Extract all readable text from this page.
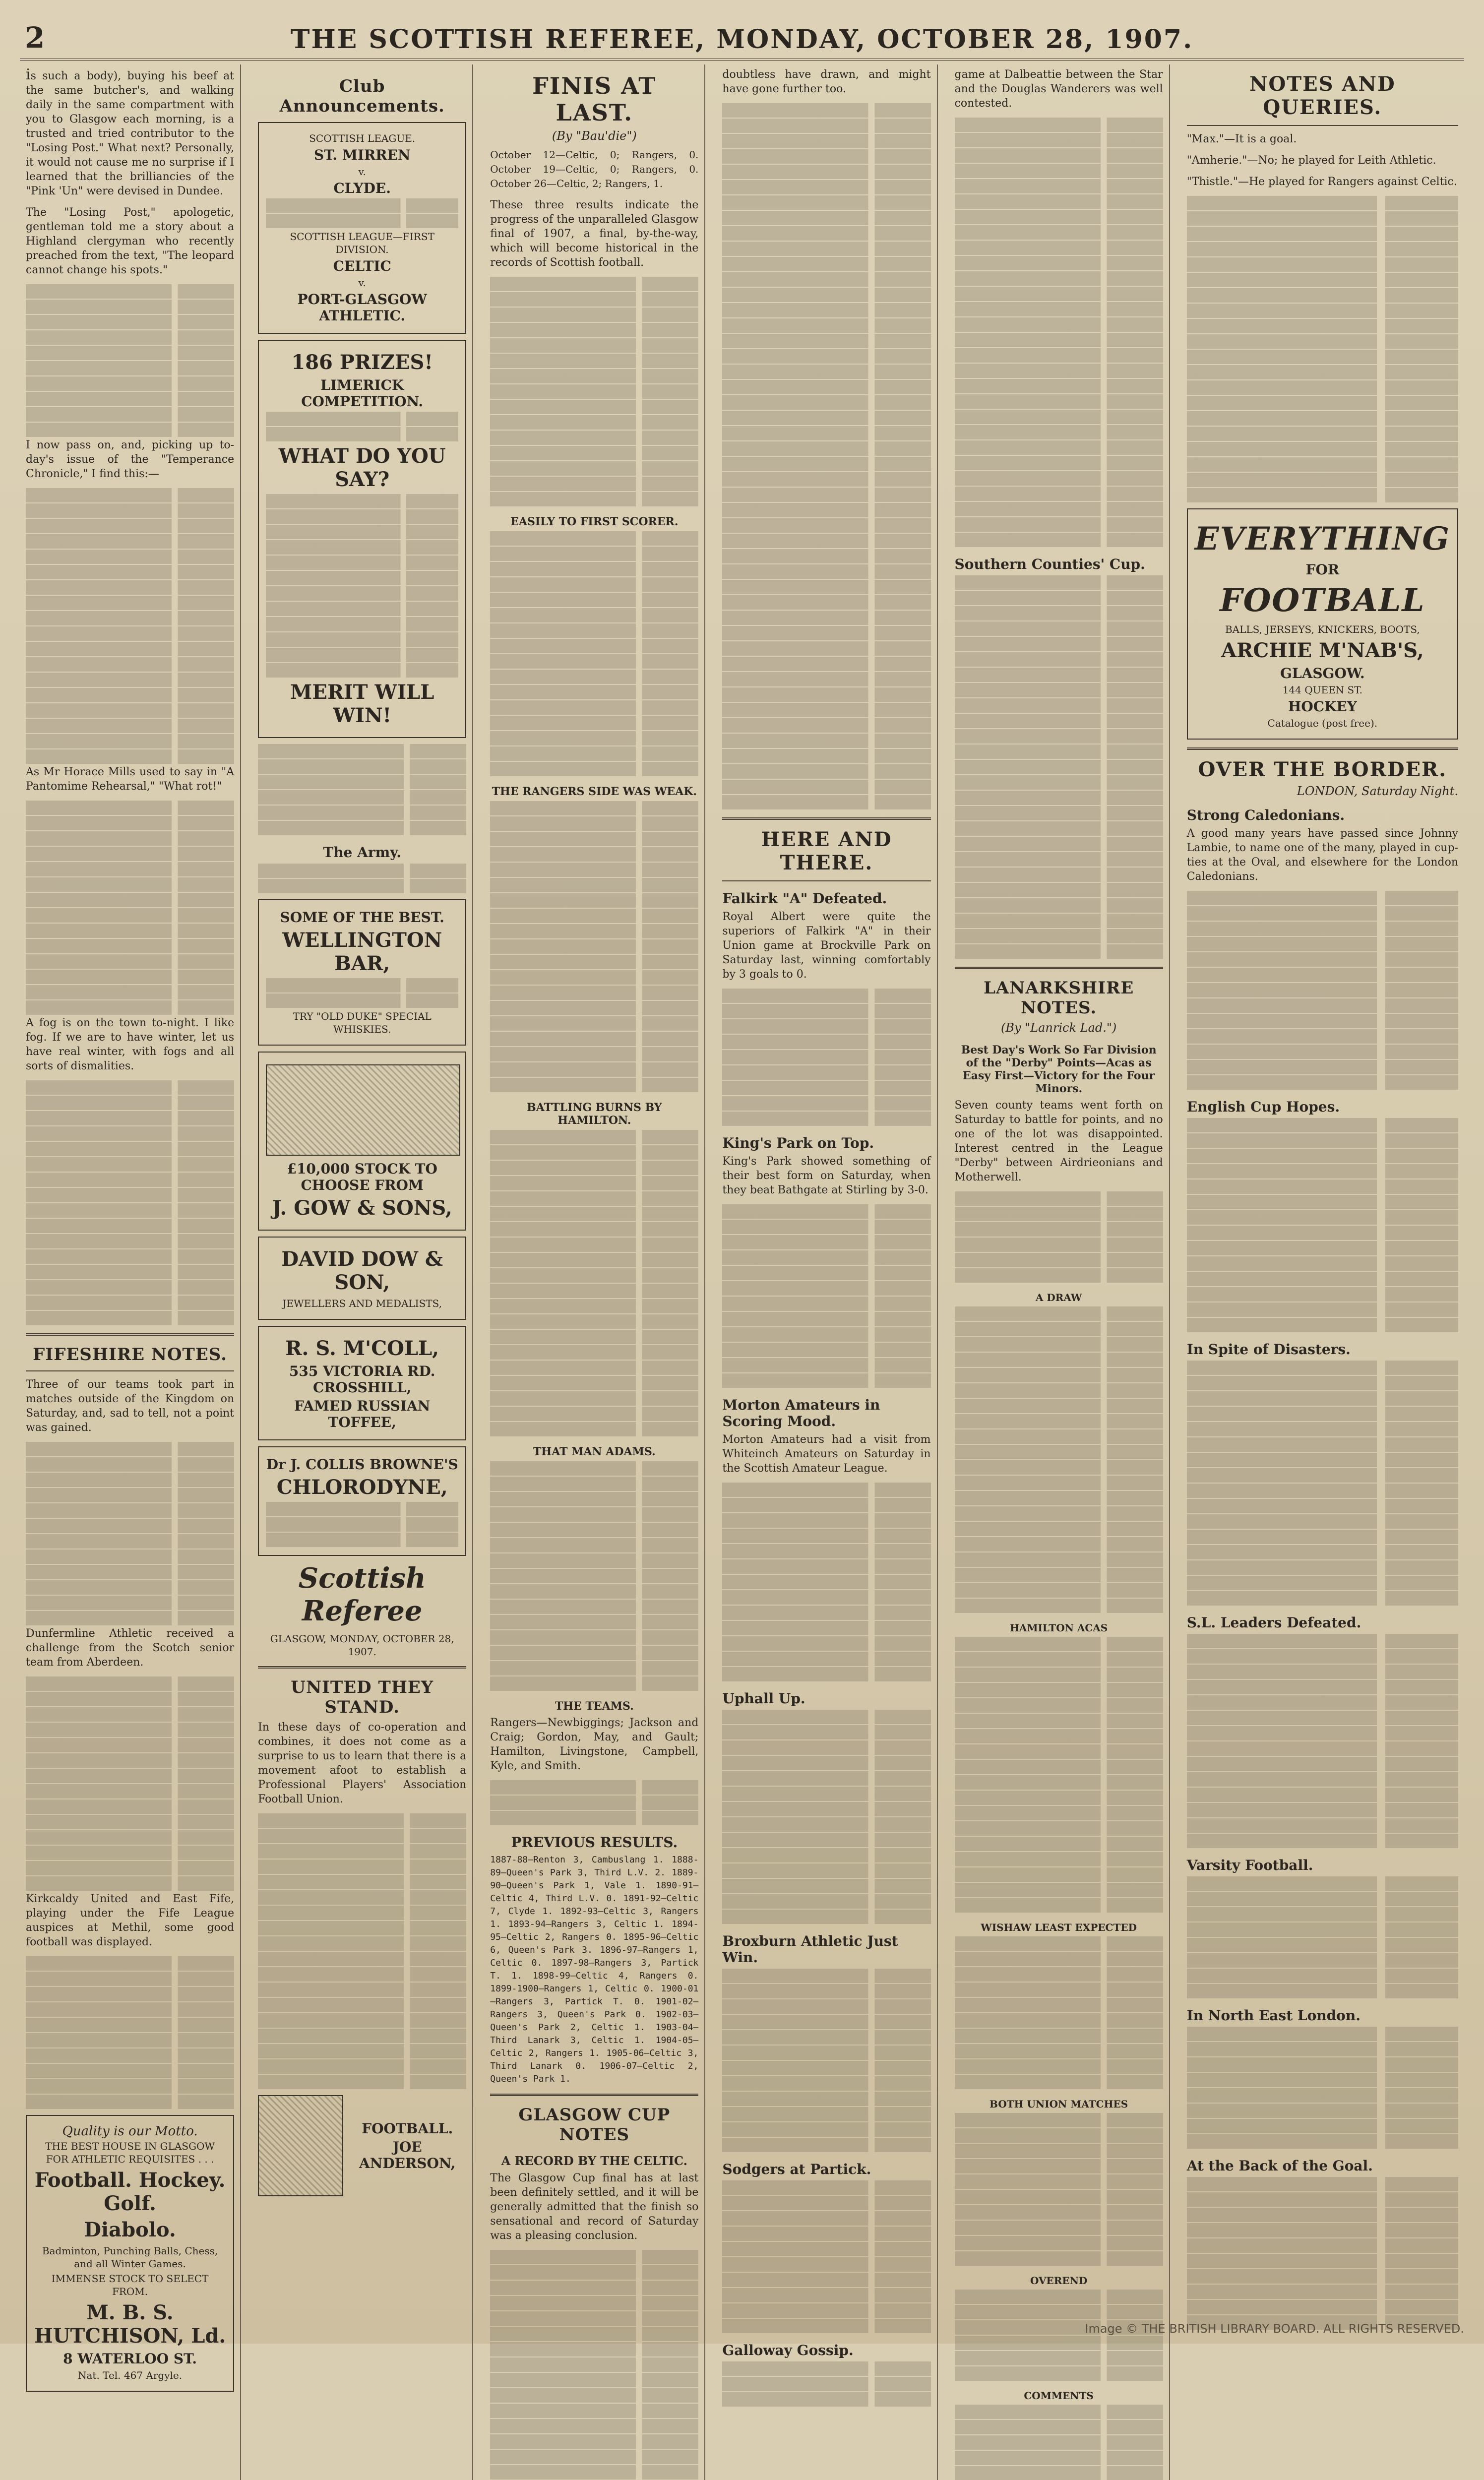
2	THE SCOTTISH REFEREE, MONDAY, OCTOBER 28, 1907.

is such a body), buying his beef at the same butcher's, and walking daily in the same compartment with you to Glasgow each morning, is a trusted and tried contributor to the "Losing Post." What next? Personally, it would not cause me no surprise if I learned that the brilliancies of the "Pink 'Un" were devised in Dundee.

The "Losing Post," apologetic, gentleman told me a story about a Highland clergyman who recently preached from the text, "The leopard cannot change his spots."

I now pass on, and, picking up to-day's issue of the "Temperance Chronicle," I find this:—

As Mr Horace Mills used to say in "A Pantomime Rehearsal," "What rot!"

A fog is on the town to-night. I like fog. If we are to have winter, let us have real winter, with fogs and all sorts of dismalities.

FIFESHIRE NOTES.

Three of our teams took part in matches outside of the Kingdom on Saturday, and, sad to tell, not a point was gained.

Dunfermline Athletic received a challenge from the Scotch senior team from Aberdeen.

Kirkcaldy United and East Fife, playing under the Fife League auspices at Methil, some good football was displayed.

Quality is our Motto.
THE BEST HOUSE IN GLASGOW FOR ATHLETIC REQUISITES . . .
Football. Hockey. Golf.
Diabolo.
Badminton, Punching Balls, Chess, and all Winter Games.
IMMENSE STOCK TO SELECT FROM.
M. B. S. HUTCHISON, Ld.
8 WATERLOO ST.
Nat. Tel. 467 Argyle.
Club Announcements.
SCOTTISH LEAGUE.
ST. MIRREN
v.
CLYDE.
SCOTTISH LEAGUE—FIRST DIVISION.
CELTIC
v.
PORT-GLASGOW ATHLETIC.
186 PRIZES!
LIMERICK COMPETITION.
WHAT DO YOU SAY?
MERIT WILL WIN!
The Army.
SOME OF THE BEST.
WELLINGTON BAR,
TRY "OLD DUKE" SPECIAL WHISKIES.
£10,000 STOCK TO CHOOSE FROM
J. GOW & SONS,
DAVID DOW & SON,
JEWELLERS AND MEDALISTS,
R. S. M'COLL,
535 VICTORIA RD. CROSSHILL,
FAMED RUSSIAN TOFFEE,
Dr J. COLLIS BROWNE'S
CHLORODYNE,
Scottish Referee
GLASGOW, MONDAY, OCTOBER 28, 1907.
UNITED THEY STAND.

In these days of co-operation and combines, it does not come as a surprise to us to learn that there is a movement afoot to establish a Professional Players' Association Football Union.

FOOTBALL.
JOE ANDERSON,
FINIS AT LAST.
(By "Bau'die")

October 12—Celtic, 0; Rangers, 0. October 19—Celtic, 0; Rangers, 0. October 26—Celtic, 2; Rangers, 1.

These three results indicate the progress of the unparalleled Glasgow final of 1907, a final, by-the-way, which will become historical in the records of Scottish football.

EASILY TO FIRST SCORER.
THE RANGERS SIDE WAS WEAK.
BATTLING BURNS BY HAMILTON.
THAT MAN ADAMS.
THE TEAMS.

Rangers—Newbiggings; Jackson and Craig; Gordon, May, and Gault; Hamilton, Livingstone, Campbell, Kyle, and Smith.

PREVIOUS RESULTS.

1887-88—Renton 3, Cambuslang 1. 1888-89—Queen's Park 3, Third L.V. 2. 1889-90—Queen's Park 1, Vale 1. 1890-91—Celtic 4, Third L.V. 0. 1891-92—Celtic 7, Clyde 1. 1892-93—Celtic 3, Rangers 1. 1893-94—Rangers 3, Celtic 1. 1894-95—Celtic 2, Rangers 0. 1895-96—Celtic 6, Queen's Park 3. 1896-97—Rangers 1, Celtic 0. 1897-98—Rangers 3, Partick T. 1. 1898-99—Celtic 4, Rangers 0. 1899-1900—Rangers 1, Celtic 0. 1900-01—Rangers 3, Partick T. 0. 1901-02—Rangers 3, Queen's Park 0. 1902-03—Queen's Park 2, Celtic 1. 1903-04—Third Lanark 3, Celtic 1. 1904-05—Celtic 2, Rangers 1. 1905-06—Celtic 3, Third Lanark 0. 1906-07—Celtic 2, Queen's Park 1.

GLASGOW CUP NOTES
A RECORD BY THE CELTIC.

The Glasgow Cup final has at last been definitely settled, and it will be generally admitted that the finish so sensational and record of Saturday was a pleasing conclusion.

doubtless have drawn, and might have gone further too.

HERE AND THERE.
Falkirk "A" Defeated.

Royal Albert were quite the superiors of Falkirk "A" in their Union game at Brockville Park on Saturday last, winning comfortably by 3 goals to 0.

King's Park on Top.

King's Park showed something of their best form on Saturday, when they beat Bathgate at Stirling by 3-0.

Morton Amateurs in Scoring Mood.

Morton Amateurs had a visit from Whiteinch Amateurs on Saturday in the Scottish Amateur League.

Uphall Up.
Broxburn Athletic Just Win.
Sodgers at Partick.
Galloway Gossip.

game at Dalbeattie between the Star and the Douglas Wanderers was well contested.

Southern Counties' Cup.
LANARKSHIRE NOTES.
(By "Lanrick Lad.")
Best Day's Work So Far Division of the "Derby" Points—Acas as Easy First—Victory for the Four Minors.

Seven county teams went forth on Saturday to battle for points, and no one of the lot was disappointed. Interest centred in the League "Derby" between Airdrieonians and Motherwell.

A DRAW
HAMILTON ACAS
WISHAW LEAST EXPECTED
BOTH UNION MATCHES
OVEREND
COMMENTS
NOTES AND QUERIES.

"Max."—It is a goal.

"Amherie."—No; he played for Leith Athletic.

"Thistle."—He played for Rangers against Celtic.

EVERYTHING
FOR
FOOTBALL
BALLS, JERSEYS, KNICKERS, BOOTS,
ARCHIE M'NAB'S,
GLASGOW.
144 QUEEN ST.
HOCKEY
Catalogue (post free).
OVER THE BORDER.
LONDON, Saturday Night.
Strong Caledonians.

A good many years have passed since Johnny Lambie, to name one of the many, played in cup-ties at the Oval, and elsewhere for the London Caledonians.

English Cup Hopes.
In Spite of Disasters.
S.L. Leaders Defeated.
Varsity Football.
In North East London.
At the Back of the Goal.
Image © THE BRITISH LIBRARY BOARD. ALL RIGHTS RESERVED.
